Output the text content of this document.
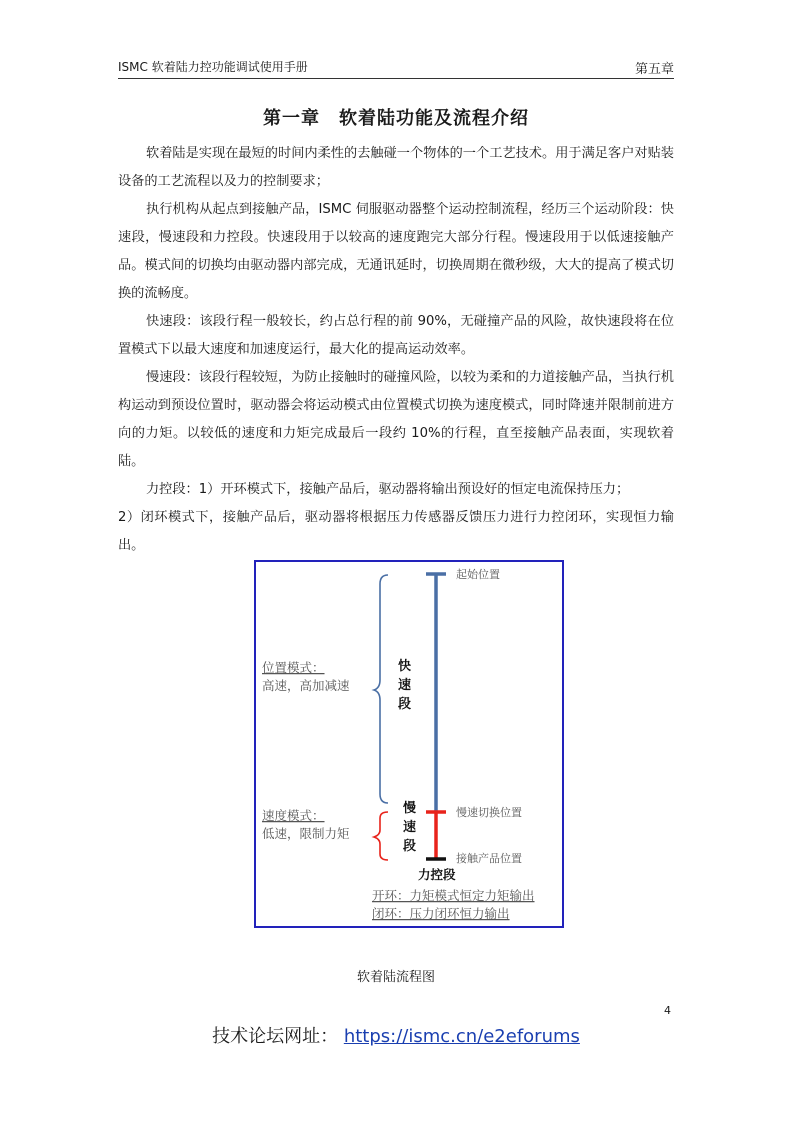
ISMC 软着陆力控功能调试使用手册	第五章
第一章　软着陆功能及流程介绍

软着陆是实现在最短的时间内柔性的去触碰一个物体的一个工艺技术。用于满足客户对贴装设备的工艺流程以及力的控制要求；

执行机构从起点到接触产品，ISMC 伺服驱动器整个运动控制流程，经历三个运动阶段：快速段，慢速段和力控段。快速段用于以较高的速度跑完大部分行程。慢速段用于以低速接触产品。模式间的切换均由驱动器内部完成，无通讯延时，切换周期在微秒级，大大的提高了模式切换的流畅度。

快速段：该段行程一般较长，约占总行程的前 90%，无碰撞产品的风险，故快速段将在位置模式下以最大速度和加速度运行，最大化的提高运动效率。

慢速段：该段行程较短，为防止接触时的碰撞风险，以较为柔和的力道接触产品，当执行机构运动到预设位置时，驱动器会将运动模式由位置模式切换为速度模式，同时降速并限制前进方向的力矩。以较低的速度和力矩完成最后一段约 10%的行程，直至接触产品表面，实现软着陆。

力控段：1）开环模式下，接触产品后，驱动器将输出预设好的恒定电流保持压力；

2）闭环模式下，接触产品后，驱动器将根据压力传感器反馈压力进行力控闭环，实现恒力输出。

位置模式：
高速，高加减速
速度模式：
低速，限制力矩
快速段
慢速段
起始位置
慢速切换位置
接触产品位置
力控段
开环：力矩模式恒定力矩输出
闭环：压力闭环恒力输出
软着陆流程图
4
技术论坛网址： https://ismc.cn/e2eforums
